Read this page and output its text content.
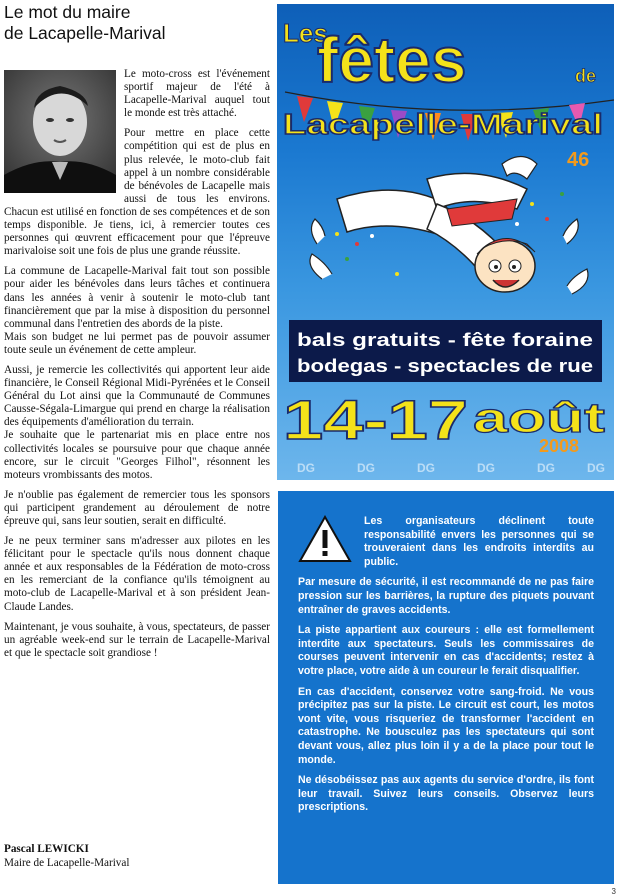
Le mot du maire
de Lacapelle-Marival

Le moto-cross est l'événement sportif majeur de l'été à Lacapelle-Marival auquel tout le monde est très attaché.

Pour mettre en place cette compétition qui est de plus en plus relevée, le moto-club fait appel à un nombre considérable de bénévoles de Lacapelle mais aussi de tous les environs. Chacun est utilisé en fonction de ses compétences et de son temps disponible. Je tiens, ici, à remercier toutes ces personnes qui œuvrent efficacement pour que l'épreuve marivaloise soit une fois de plus une grande réussite.

La commune de Lacapelle-Marival fait tout son possible pour aider les bénévoles dans leurs tâches et continuera dans les années à venir à soutenir le moto-club tant financièrement que par la mise à disposition du personnel communal dans l'entretien des abords de la piste.

Mais son budget ne lui permet pas de pouvoir assumer toute seule un événement de cette ampleur.

Aussi, je remercie les collectivités qui apportent leur aide financière, le Conseil Régional Midi-Pyrénées et le Conseil Général du Lot ainsi que la Communauté de Communes Causse-Ségala-Limargue qui prend en charge la réalisation des équipements d'amélioration du terrain.

Je souhaite que le partenariat mis en place entre nos collectivités locales se poursuive pour que chaque année encore, sur le circuit "Georges Filhol", résonnent les moteurs vrombissants des motos.

Je n'oublie pas également de remercier tous les sponsors qui participent grandement au déroulement de notre épreuve qui, sans leur soutien, serait en difficulté.

Je ne peux terminer sans m'adresser aux pilotes en les félicitant pour le spectacle qu'ils nous donnent chaque année et aux responsables de la Fédération de moto-cross en les remerciant de la confiance qu'ils témoignent au moto-club de Lacapelle-Marival et à son président Jean-Claude Landes.

Maintenant, je vous souhaite, à vous, spectateurs, de passer un agréable week-end sur le terrain de Lacapelle-Marival et que le spectacle soit grandiose !

Pascal LEWICKI
Maire de Lacapelle-Marival
Les
fêtes	de
Lacapelle-Marival
46
bals gratuits - fête foraine
bodegas - spectacles de rue
14-17 août
2008
DG	DG	DG	DG	DG	DG

Les organisateurs déclinent toute responsabilité envers les personnes qui se trouveraient dans les endroits interdits au public.

Par mesure de sécurité, il est recommandé de ne pas faire pression sur les barrières, la rupture des piquets pouvant entraîner de graves accidents.

La piste appartient aux coureurs : elle est formellement interdite aux spectateurs. Seuls les commissaires de courses peuvent intervenir en cas d'accidents; restez à votre place, votre aide à un coureur le ferait disqualifier.

En cas d'accident, conservez votre sang-froid. Ne vous précipitez pas sur la piste. Le circuit est court, les motos vont vite, vous risqueriez de transformer l'accident en catastrophe. Ne bousculez pas les spectateurs qui sont devant vous, allez plus loin il y a de la place pour tout le monde.

Ne désobéissez pas aux agents du service d'ordre, ils font leur travail. Suivez leurs conseils. Observez leurs prescriptions.

3
